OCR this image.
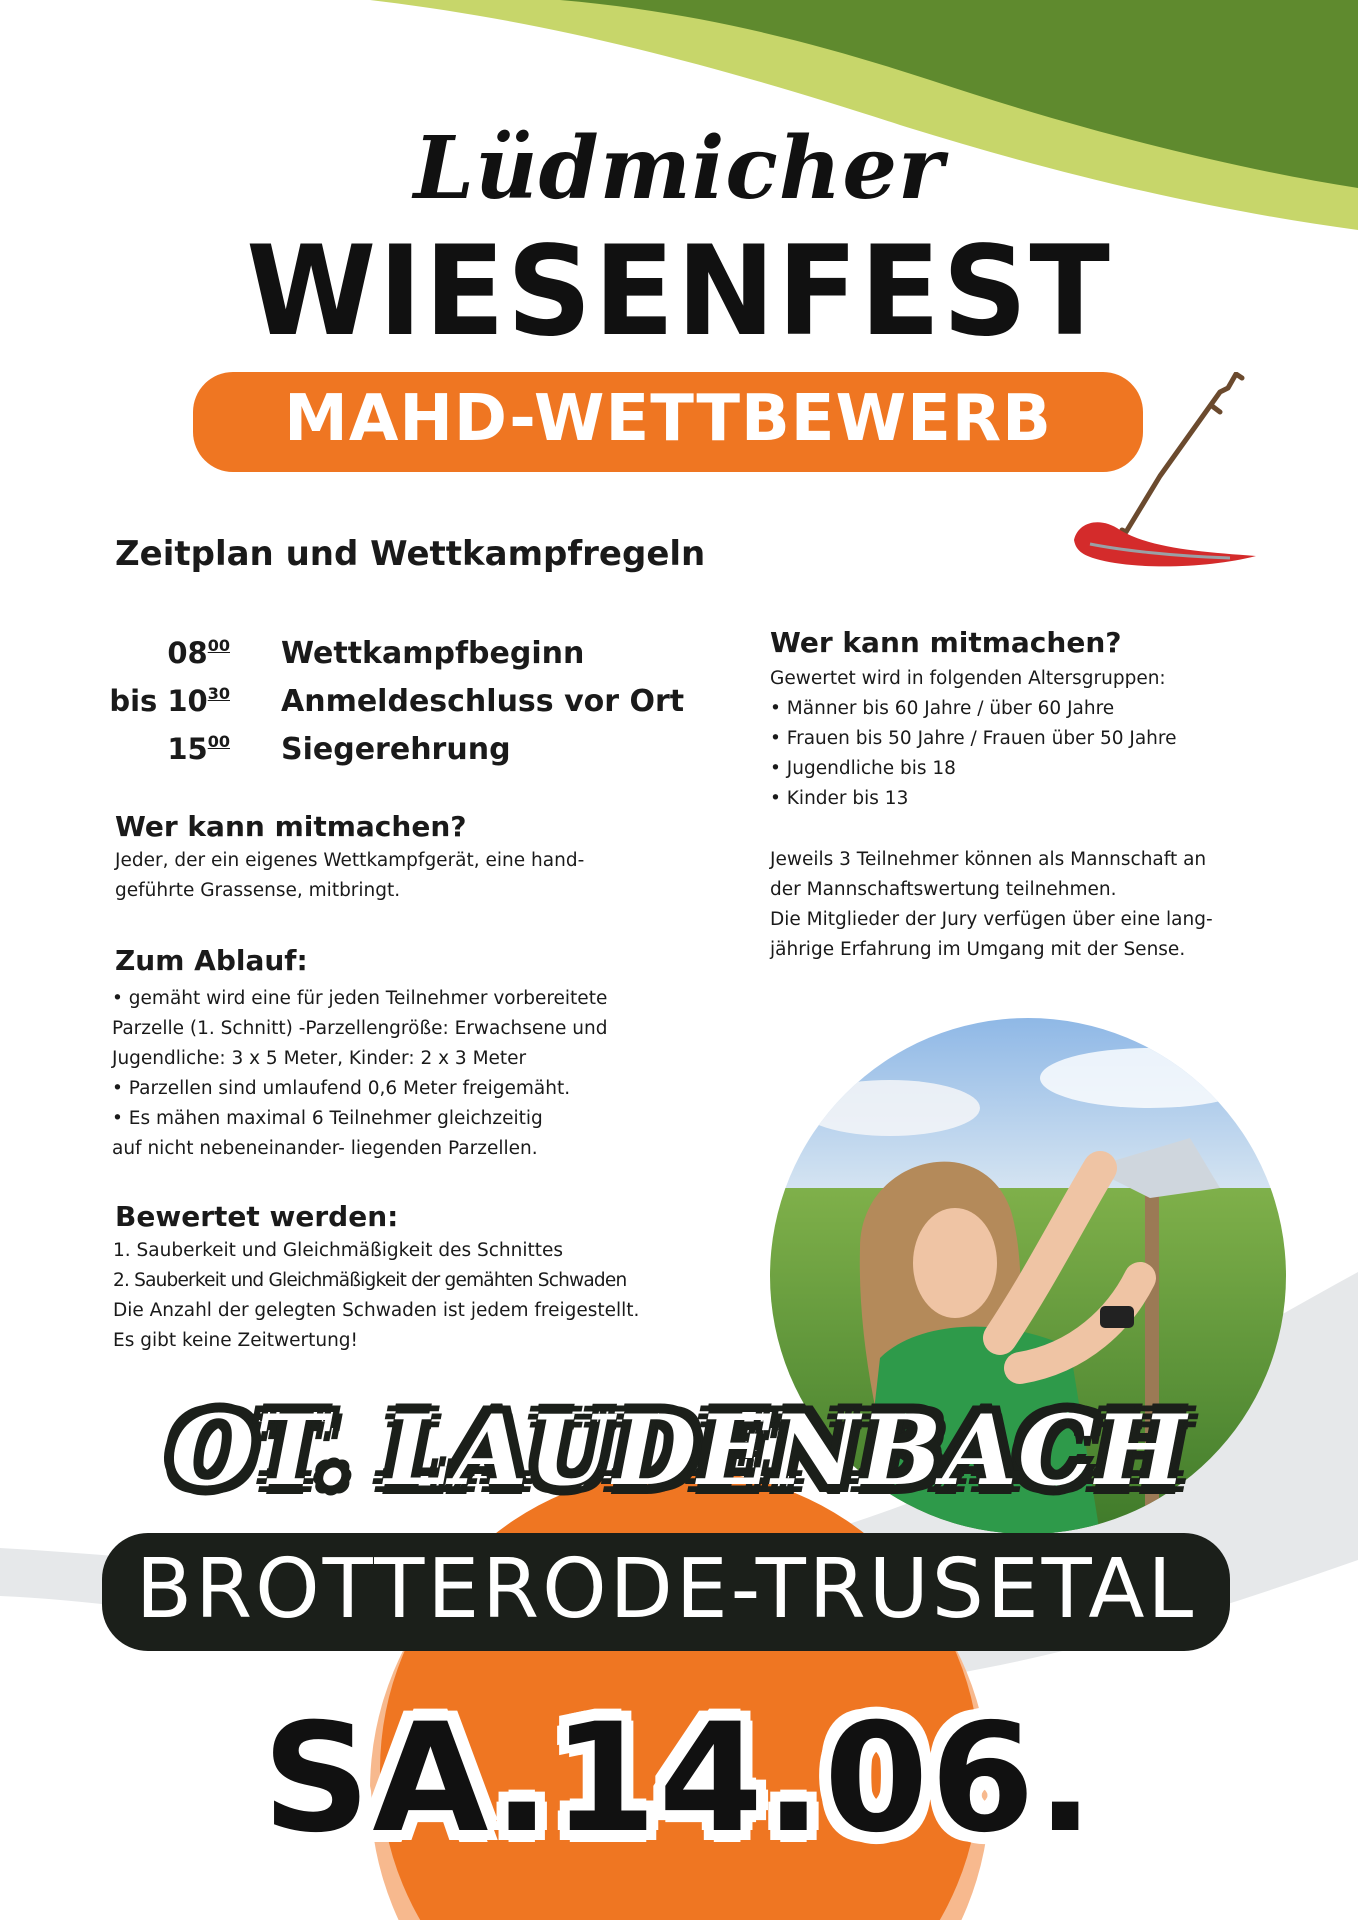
Lüdmicher
WIESENFEST
MAHD-WETTBEWERB
Zeitplan und Wettkampfregeln
$08^{00}$ Wettkampfbeginn
bis $10^{30}$ Anmeldeschluss vor Ort
$15^{00}$ Siegerehrung
Wer kann mitmachen?
Jeder, der ein eigenes Wettkampfgerät, eine hand-
geführte Grassense, mitbringt.
Zum Ablauf:
• gemäht wird eine für jeden Teilnehmer vorbereitete
Parzelle (1. Schnitt) -Parzellengröße: Erwachsene und
Jugendliche: 3 x 5 Meter, Kinder: 2 x 3 Meter
• Parzellen sind umlaufend 0,6 Meter freigemäht.
• Es mähen maximal 6 Teilnehmer gleichzeitig
auf nicht nebeneinander- liegenden Parzellen.
Bewertet werden:
1. Sauberkeit und Gleichmäßigkeit des Schnittes
2. Sauberkeit und Gleichmäßigkeit der gemähten Schwaden
Die Anzahl der gelegten Schwaden ist jedem freigestellt.
Es gibt keine Zeitwertung!
Wer kann mitmachen?
Gewertet wird in folgenden Altersgruppen:
• Männer bis 60 Jahre / über 60 Jahre
• Frauen bis 50 Jahre / Frauen über 50 Jahre
• Jugendliche bis 18
• Kinder bis 13
Jeweils 3 Teilnehmer können als Mannschaft an
der Mannschaftswertung teilnehmen.
Die Mitglieder der Jury verfügen über eine lang-
jährige Erfahrung im Umgang mit der Sense.
OT. LAUDENBACH
BROTTERODE-TRUSETAL
SA.14.06.
